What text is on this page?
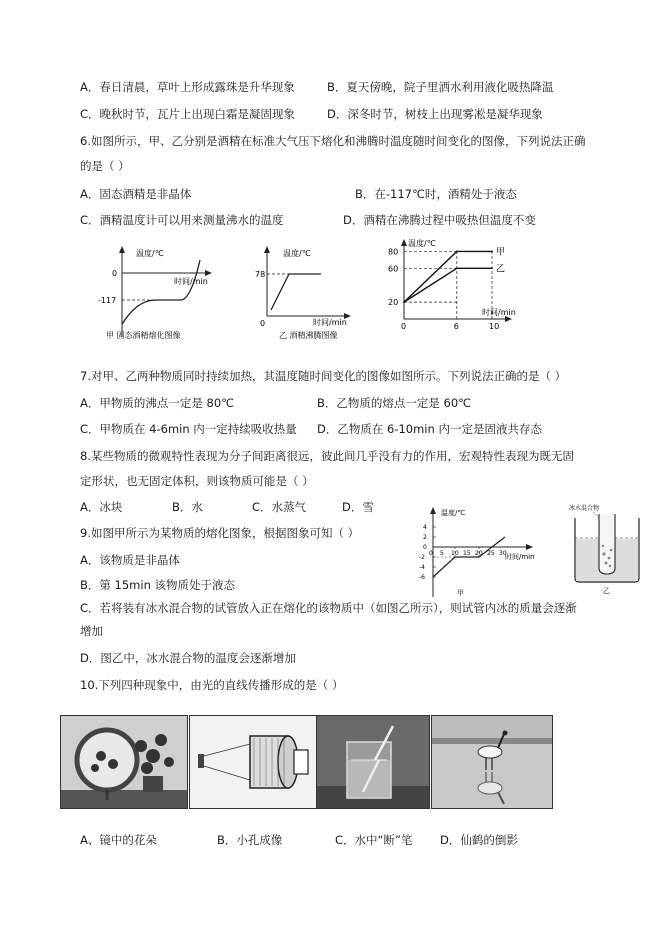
A．春日清晨，草叶上形成露珠是升华现象	B．夏天傍晚，院子里洒水利用液化吸热降温
C．晚秋时节，瓦片上出现白霜是凝固现象	D．深冬时节，树枝上出现雾凇是凝华现象
6.如图所示，甲、乙分别是酒精在标准大气压下熔化和沸腾时温度随时间变化的图像，下列说法正确
的是（ ）
A．固态酒精是非晶体	B．在-117℃时，酒精处于液态
C．酒精温度计可以用来测量沸水的温度	D．酒精在沸腾过程中吸热但温度不变
温度/℃
时间/min
0
-117
甲 固态酒精熔化图像
温度/℃
时间/min
78
0
乙 酒精沸腾图像
温度/℃
时间/min
0	6	10
20
60
80	甲
乙
7.对甲、乙两种物质同时持续加热，其温度随时间变化的图像如图所示。下列说法正确的是（ ）
A．甲物质的沸点一定是 80℃	B．乙物质的熔点一定是 60℃
C．甲物质在 4-6min 内一定持续吸收热量 D．乙物质在 6-10min 内一定是固液共存态
8.某些物质的微观特性表现为分子间距离很远，彼此间几乎没有力的作用，宏观特性表现为既无固
定形状，也无固定体积，则该物质可能是（ ）
A．冰块	B．水	C．水蒸气	D．雪
9.如图甲所示为某物质的熔化图象，根据图象可知（ ）
A．该物质是非晶体
B．第 15min 该物质处于液态
C．若将装有冰水混合物的试管放入正在熔化的该物质中（如图乙所示），则试管内冰的质量会逐渐
增加
D．图乙中，冰水混合物的温度会逐渐增加
温度/℃
时间/min
0 5 10 15 20 25 30
4
2
0
-2
-4
-6
甲
冰水混合物
乙
10.下列四种现象中，由光的直线传播形成的是（ ）
A、镜中的花朵	B．小孔成像	C．水中“断”笔 D．仙鹤的倒影
